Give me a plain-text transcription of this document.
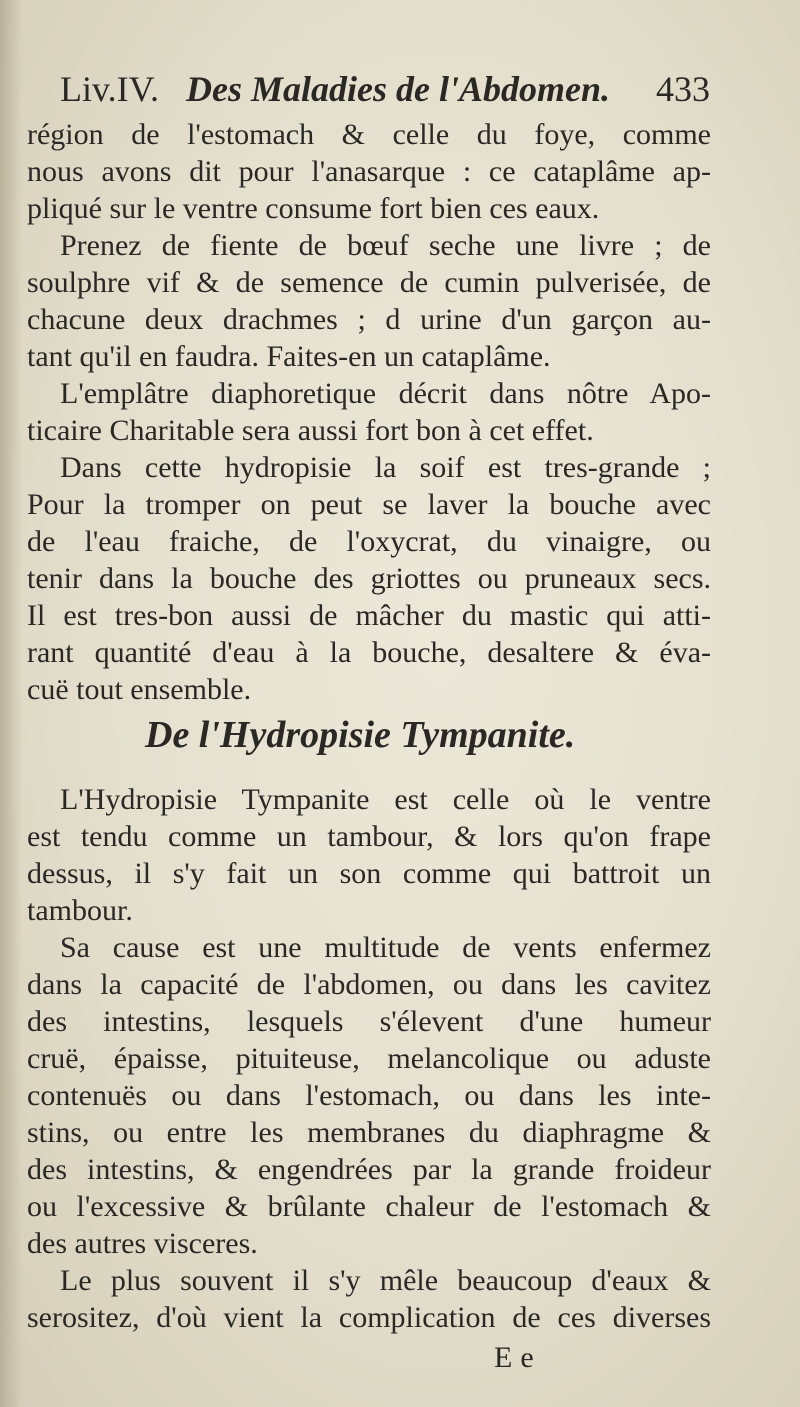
Liv.IV. Des Maladies de l'Abdomen. 433
région de l'estomach & celle du foye, comme
nous avons dit pour l'anasarque : ce cataplâme ap-
pliqué sur le ventre consume fort bien ces eaux.
Prenez de fiente de bœuf seche une livre ; de
soulphre vif & de semence de cumin pulverisée, de
chacune deux drachmes ; d urine d'un garçon au-
tant qu'il en faudra. Faites-en un cataplâme.
L'emplâtre diaphoretique décrit dans nôtre Apo-
ticaire Charitable sera aussi fort bon à cet effet.
Dans cette hydropisie la soif est tres-grande ;
Pour la tromper on peut se laver la bouche avec
de l'eau fraiche, de l'oxycrat, du vinaigre, ou
tenir dans la bouche des griottes ou pruneaux secs.
Il est tres-bon aussi de mâcher du mastic qui atti-
rant quantité d'eau à la bouche, desaltere & éva-
cuë tout ensemble.
De l'Hydropisie Tympanite.
L'Hydropisie Tympanite est celle où le ventre
est tendu comme un tambour, & lors qu'on frape
dessus, il s'y fait un son comme qui battroit un
tambour.
Sa cause est une multitude de vents enfermez
dans la capacité de l'abdomen, ou dans les cavitez
des intestins, lesquels s'élevent d'une humeur
cruë, épaisse, pituiteuse, melancolique ou aduste
contenuës ou dans l'estomach, ou dans les inte-
stins, ou entre les membranes du diaphragme &
des intestins, & engendrées par la grande froideur
ou l'excessive & brûlante chaleur de l'estomach &
des autres visceres.
Le plus souvent il s'y mêle beaucoup d'eaux &
serositez, d'où vient la complication de ces diverses
Ee
